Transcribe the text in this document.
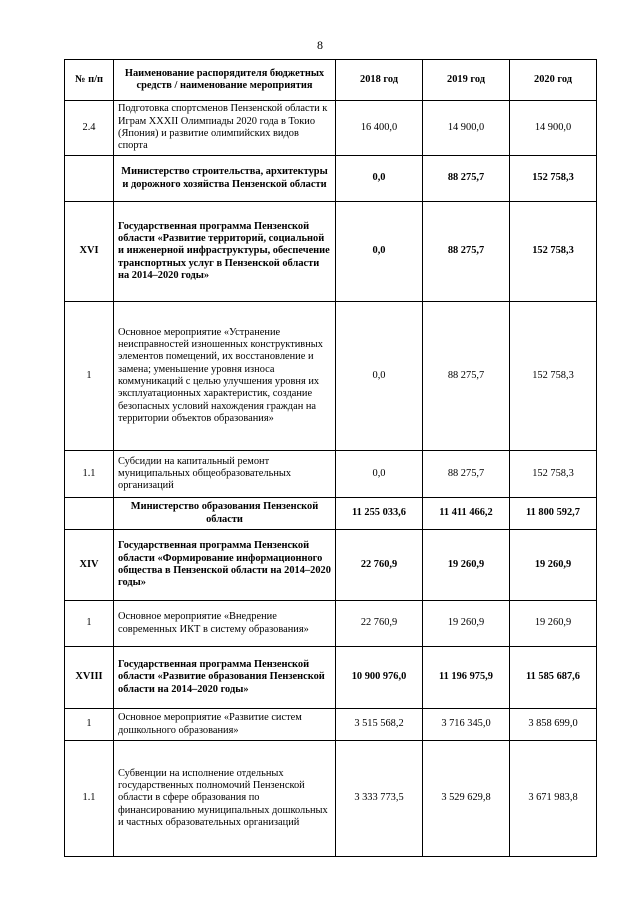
8
№ п/п	Наименование распорядителя бюджетных средств / наименование мероприятия	2018 год	2019 год	2020 год
2.4	Подготовка спортсменов Пензенской области к Играм XXXII Олимпиады 2020 года в Токио (Япония) и развитие олимпийских видов спорта	16 400,0	14 900,0	14 900,0
	Министерство строительства, архитектуры и дорожного хозяйства Пензенской области	0,0	88 275,7	152 758,3
XVI	Государственная программа Пензенской области «Развитие территорий, социальной и инженерной инфраструктуры, обеспечение транспортных услуг в Пензенской области на 2014–2020 годы»	0,0	88 275,7	152 758,3
1	Основное мероприятие «Устранение неисправностей изношенных конструктивных элементов помещений, их восстановление и замена; уменьшение уровня износа коммуникаций с целью улучшения уровня их эксплуатационных характеристик, создание безопасных условий нахождения граждан на территории объектов образования»	0,0	88 275,7	152 758,3
1.1	Субсидии на капитальный ремонт муниципальных общеобразовательных организаций	0,0	88 275,7	152 758,3
	Министерство образования Пензенской области	11 255 033,6	11 411 466,2	11 800 592,7
XIV	Государственная программа Пензенской области «Формирование информационного общества в Пензенской области на 2014–2020 годы»	22 760,9	19 260,9	19 260,9
1	Основное мероприятие «Внедрение современных ИКТ в систему образования»	22 760,9	19 260,9	19 260,9
XVIII	Государственная программа Пензенской области «Развитие образования Пензенской области на 2014–2020 годы»	10 900 976,0	11 196 975,9	11 585 687,6
1	Основное мероприятие «Развитие систем дошкольного образования»	3 515 568,2	3 716 345,0	3 858 699,0
1.1	Субвенции на исполнение отдельных государственных полномочий Пензенской области в сфере образования по финансированию муниципальных дошкольных и частных образовательных организаций	3 333 773,5	3 529 629,8	3 671 983,8
